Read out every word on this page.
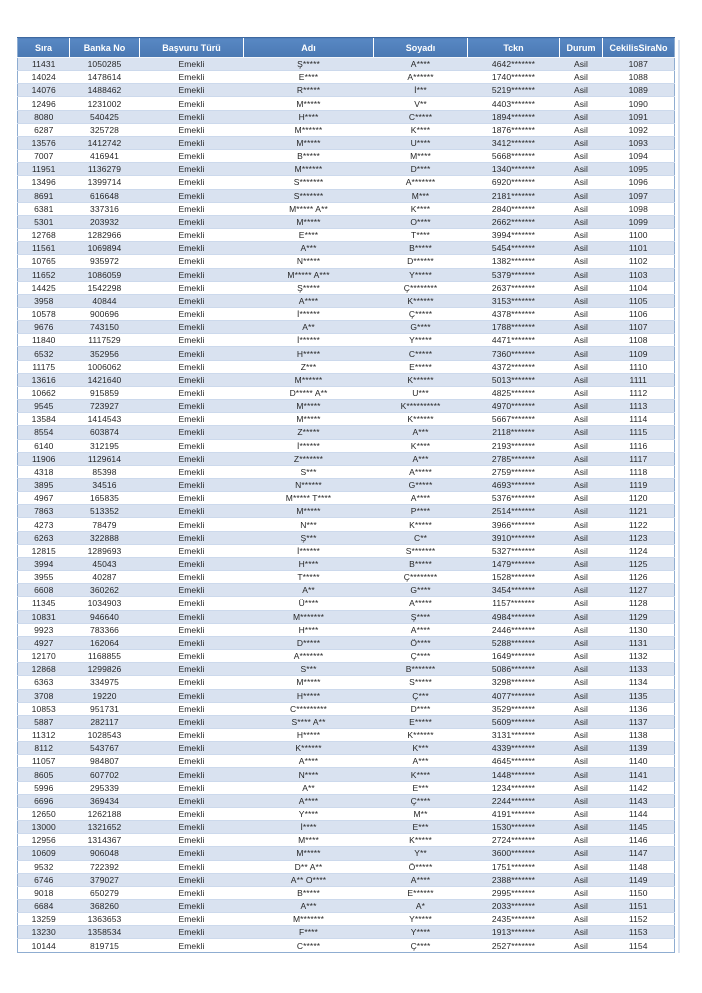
Sıra	Banka No	Başvuru Türü	Adı	Soyadı	Tckn	Durum	CekilisSiraNo
11431	1050285	Emekli	Ş*****	A****	4642*******	Asil	1087
14024	1478614	Emekli	E****	A******	1740*******	Asil	1088
14076	1488462	Emekli	R*****	İ***	5219*******	Asil	1089
12496	1231002	Emekli	M*****	V**	4403*******	Asil	1090
8080	540425	Emekli	H****	C*****	1894*******	Asil	1091
6287	325728	Emekli	M******	K****	1876*******	Asil	1092
13576	1412742	Emekli	M*****	U****	3412*******	Asil	1093
7007	416941	Emekli	B*****	M****	5668*******	Asil	1094
11951	1136279	Emekli	M******	D****	1340*******	Asil	1095
13496	1399714	Emekli	S*******	A*******	6920*******	Asil	1096
8691	616648	Emekli	S*******	M***	2181*******	Asil	1097
6381	337316	Emekli	M***** A**	K****	2840*******	Asil	1098
5301	203932	Emekli	M*****	O****	2662*******	Asil	1099
12768	1282966	Emekli	E****	T****	3994*******	Asil	1100
11561	1069894	Emekli	A***	B*****	5454*******	Asil	1101
10765	935972	Emekli	N*****	D******	1382*******	Asil	1102
11652	1086059	Emekli	M***** A***	Y*****	5379*******	Asil	1103
14425	1542298	Emekli	Ş*****	Ç********	2637*******	Asil	1104
3958	40844	Emekli	A****	K******	3153*******	Asil	1105
10578	900696	Emekli	İ******	Ç*****	4378*******	Asil	1106
9676	743150	Emekli	A**	G****	1788*******	Asil	1107
11840	1117529	Emekli	İ******	Y*****	4471*******	Asil	1108
6532	352956	Emekli	H*****	C*****	7360*******	Asil	1109
11175	1006062	Emekli	Z***	E*****	4372*******	Asil	1110
13616	1421640	Emekli	M******	K******	5013*******	Asil	1111
10662	915859	Emekli	D***** A**	U***	4825*******	Asil	1112
9545	723927	Emekli	M*****	K**********	4970*******	Asil	1113
13584	1414543	Emekli	M*****	K******	5667*******	Asil	1114
8554	603874	Emekli	Z*****	A***	2118*******	Asil	1115
6140	312195	Emekli	İ******	K****	2193*******	Asil	1116
11906	1129614	Emekli	Z*******	A***	2785*******	Asil	1117
4318	85398	Emekli	S***	A*****	2759*******	Asil	1118
3895	34516	Emekli	N******	G*****	4693*******	Asil	1119
4967	165835	Emekli	M***** T****	A****	5376*******	Asil	1120
7863	513352	Emekli	M*****	P****	2514*******	Asil	1121
4273	78479	Emekli	N***	K*****	3966*******	Asil	1122
6263	322888	Emekli	Ş***	C**	3910*******	Asil	1123
12815	1289693	Emekli	İ******	S*******	5327*******	Asil	1124
3994	45043	Emekli	H****	B*****	1479*******	Asil	1125
3955	40287	Emekli	T*****	Ç********	1528*******	Asil	1126
6608	360262	Emekli	A**	G****	3454*******	Asil	1127
11345	1034903	Emekli	Ü****	A*****	1157*******	Asil	1128
10831	946640	Emekli	M*******	Ş****	4984*******	Asil	1129
9923	783366	Emekli	H****	A****	2446*******	Asil	1130
4927	162064	Emekli	D*****	Ö****	5288*******	Asil	1131
12170	1168855	Emekli	A*******	Ç****	1649*******	Asil	1132
12868	1299826	Emekli	S***	B*******	5086*******	Asil	1133
6363	334975	Emekli	M*****	S*****	3298*******	Asil	1134
3708	19220	Emekli	H*****	Ç***	4077*******	Asil	1135
10853	951731	Emekli	C*********	D****	3529*******	Asil	1136
5887	282117	Emekli	S**** A**	E*****	5609*******	Asil	1137
11312	1028543	Emekli	H*****	K******	3131*******	Asil	1138
8112	543767	Emekli	K******	K***	4339*******	Asil	1139
11057	984807	Emekli	A****	A***	4645*******	Asil	1140
8605	607702	Emekli	N****	K****	1448*******	Asil	1141
5996	295339	Emekli	A**	E***	1234*******	Asil	1142
6696	369434	Emekli	A****	Ç****	2244*******	Asil	1143
12650	1262188	Emekli	Y****	M**	4191*******	Asil	1144
13000	1321652	Emekli	İ****	E***	1530*******	Asil	1145
12956	1314367	Emekli	M****	K*****	2724*******	Asil	1146
10609	906048	Emekli	M*****	Y**	3600*******	Asil	1147
9532	722392	Emekli	D** A**	Ö*****	1751*******	Asil	1148
6746	379027	Emekli	A** O****	A****	2388*******	Asil	1149
9018	650279	Emekli	B*****	E******	2995*******	Asil	1150
6684	368260	Emekli	A***	A*	2033*******	Asil	1151
13259	1363653	Emekli	M*******	Y*****	2435*******	Asil	1152
13230	1358534	Emekli	F****	Y****	1913*******	Asil	1153
10144	819715	Emekli	C*****	Ç****	2527*******	Asil	1154
